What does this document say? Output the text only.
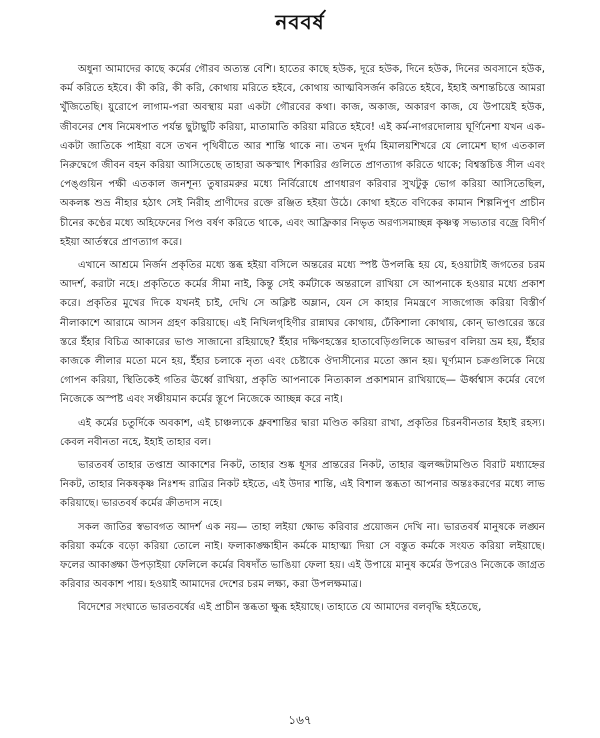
নববর্ষ

অধুনা আমাদের কাছে কর্মের গৌরব অত্যন্ত বেশি। হাতের কাছে হউক, দূরে হউক, দিনে হউক, দিনের অবসানে হউক, কর্ম করিতে হইবে। কী করি, কী করি, কোথায় মরিতে হইবে, কোথায় আত্মবিসর্জন করিতে হইবে, ইহাই অশান্তচিত্তে আমরা খুঁজিতেছি। য়ুরোপে লাগাম-পরা অবস্থায় মরা একটা গৌরবের কথা। কাজ, অকাজ, অকারণ কাজ, যে উপায়েই হউক, জীবনের শেষ নিমেষপাত পর্যন্ত ছুটাছুটি করিয়া, মাতামাতি করিয়া মরিতে হইবে! এই কর্ম-নাগরদোলায় ঘূর্ণিনেশা যখন এক-একটা জাতিকে পাইয়া বসে তখন পৃথিবীতে আর শান্তি থাকে না। তখন দুর্গম হিমালয়শিখরে যে লোমেশ ছাগ এতকাল নিরুদ্বেগে জীবন বহন করিয়া আসিতেছে তাহারা অকস্মাৎ শিকারির গুলিতে প্রাণত্যাগ করিতে থাকে; বিশ্বস্তচিত্ত সীল এবং পেঙ্গুয়িন পক্ষী এতকাল জনশূন্য তুষারমরুর মধ্যে নির্বিরোধে প্রাণধারণ করিবার সুখটুকু ভোগ করিয়া আসিতেছিল, অকলঙ্ক শুভ্র নীহার হঠাৎ সেই নিরীহ প্রাণীদের রক্তে রঞ্জিত হইয়া উঠে। কোথা হইতে বণিকের কামান শিল্পনিপুণ প্রাচীন চীনের কণ্ঠের মধ্যে অহিফেনের পিণ্ড বর্ষণ করিতে থাকে, এবং আফ্রিকার নিভৃত অরণ্যসমাচ্ছন্ন কৃষ্ণত্ব সভ্যতার বজ্রে বিদীর্ণ হইয়া আর্তস্বরে প্রাণত্যাগ করে।

এখানে আশ্রমে নির্জন প্রকৃতির মধ্যে স্তব্ধ হইয়া বসিলে অন্তরের মধ্যে স্পষ্ট উপলব্ধি হয় যে, হওয়াটাই জগতের চরম আদর্শ, করাটা নহে। প্রকৃতিতে কর্মের সীমা নাই, কিন্তু সেই কর্মটাকে অন্তরালে রাখিয়া সে আপনাকে হওয়ার মধ্যে প্রকাশ করে। প্রকৃতির মুখের দিকে যখনই চাই, দেখি সে অক্লিষ্ট অম্লান, যেন সে কাহার নিমন্ত্রণে সাজগোজ করিয়া বিস্তীর্ণ নীলাকাশে আরামে আসন গ্রহণ করিয়াছে। এই নিখিলগৃহিণীর রান্নাঘর কোথায়, ঢেঁকিশালা কোথায়, কোন্ ভাণ্ডারের স্তরে স্তরে ইঁহার বিচিত্র আকারের ভাণ্ড সাজানো রহিয়াছে? ইঁহার দক্ষিণহস্তের হাতাবেড়িগুলিকে আভরণ বলিয়া ভ্রম হয়, ইঁহার কাজকে লীলার মতো মনে হয়, ইঁহার চলাকে নৃত্য এবং চেষ্টাকে ঔদাসীন্যের মতো জ্ঞান হয়। ঘূর্ণ্যমান চক্রগুলিকে নিয়ে গোপন করিয়া, স্থিতিকেই গতির ঊর্ধ্বে রাখিয়া, প্রকৃতি আপনাকে নিত্যকাল প্রকাশমান রাখিয়াছে— ঊর্ধ্বশ্বাস কর্মের বেগে নিজেকে অস্পষ্ট এবং সঞ্চীয়মান কর্মের স্তূপে নিজেকে আচ্ছন্ন করে নাই।

এই কর্মের চতুর্দিকে অবকাশ, এই চাঞ্চল্যকে ধ্রুবশান্তির দ্বারা মণ্ডিত করিয়া রাখা, প্রকৃতির চিরনবীনতার ইহাই রহস্য। কেবল নবীনতা নহে, ইহাই তাহার বল।

ভারতবর্ষ তাহার তপ্তাম্র আকাশের নিকট, তাহার শুষ্ক ধূসর প্রান্তরের নিকট, তাহার জ্বলজ্জটামণ্ডিত বিরাট মধ্যাহ্নের নিকট, তাহার নিকষকৃষ্ণ নিঃশব্দ রাত্রির নিকট হইতে, এই উদার শান্তি, এই বিশাল স্তব্ধতা আপনার অন্তঃকরণের মধ্যে লাভ করিয়াছে। ভারতবর্ষ কর্মের ক্রীতদাস নহে।

সকল জাতির স্বভাবগত আদর্শ এক নয়— তাহা লইয়া ক্ষোভ করিবার প্রয়োজন দেখি না। ভারতবর্ষ মানুষকে লঙ্ঘন করিয়া কর্মকে বড়ো করিয়া তোলে নাই। ফলাকাঙ্ক্ষাহীন কর্মকে মাহাত্ম্য দিয়া সে বস্তুত কর্মকে সংযত করিয়া লইয়াছে। ফলের আকাঙ্ক্ষা উপড়াইয়া ফেলিলে কর্মের বিষদাঁত ভাঙিয়া ফেলা হয়। এই উপায়ে মানুষ কর্মের উপরেও নিজেকে জাগ্রত করিবার অবকাশ পায়। হওয়াই আমাদের দেশের চরম লক্ষ্য, করা উপলক্ষমাত্র।

বিদেশের সংঘাতে ভারতবর্ষের এই প্রাচীন স্তব্ধতা ক্ষুব্ধ হইয়াছে। তাহাতে যে আমাদের বলবৃদ্ধি হইতেছে,

১৬৭
